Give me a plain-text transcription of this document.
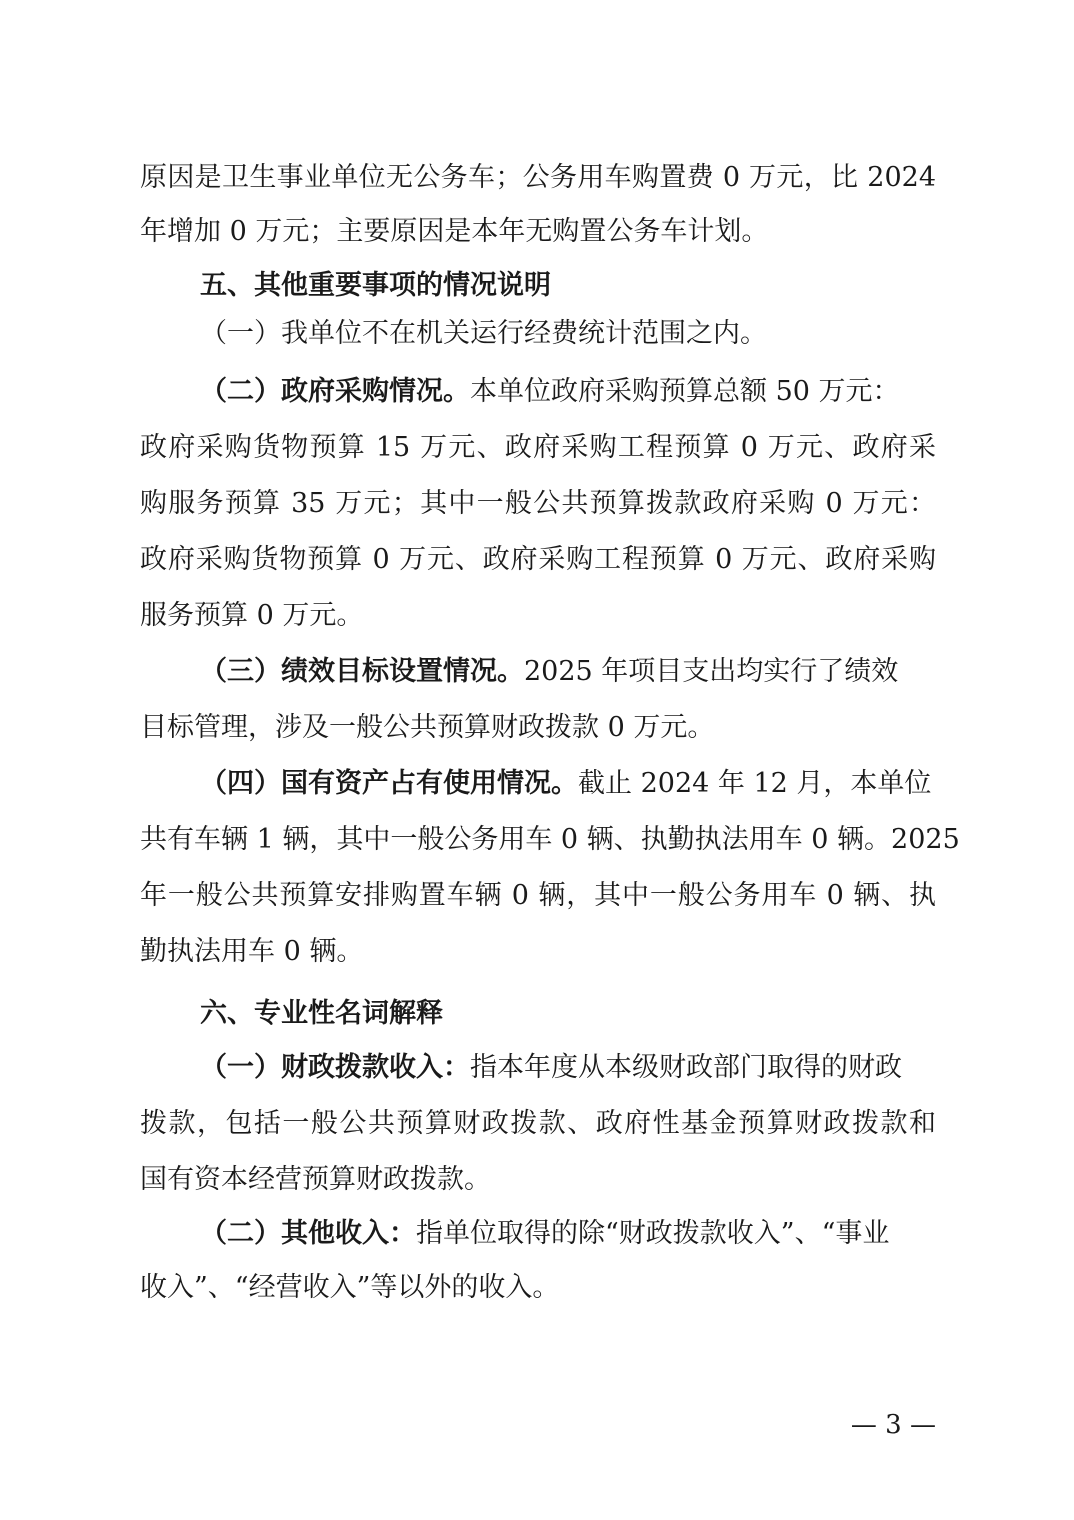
原因是卫生事业单位无公务车；公务用车购置费 0 万元，比 2024
年增加 0 万元；主要原因是本年无购置公务车计划。
五、其他重要事项的情况说明
（一）我单位不在机关运行经费统计范围之内。
（二）政府采购情况。本单位政府采购预算总额 50 万元：
政府采购货物预算 15 万元、政府采购工程预算 0 万元、政府采
购服务预算 35 万元；其中一般公共预算拨款政府采购 0 万元：
政府采购货物预算 0 万元、政府采购工程预算 0 万元、政府采购
服务预算 0 万元。
（三）绩效目标设置情况。2025 年项目支出均实行了绩效
目标管理，涉及一般公共预算财政拨款 0 万元。
（四）国有资产占有使用情况。截止 2024 年 12 月，本单位
共有车辆 1 辆，其中一般公务用车 0 辆、执勤执法用车 0 辆。2025
年一般公共预算安排购置车辆 0 辆，其中一般公务用车 0 辆、执
勤执法用车 0 辆。
六、专业性名词解释
（一）财政拨款收入：指本年度从本级财政部门取得的财政
拨款，包括一般公共预算财政拨款、政府性基金预算财政拨款和
国有资本经营预算财政拨款。
（二）其他收入：指单位取得的除“财政拨款收入”、“事业
收入”、“经营收入”等以外的收入。
— 3 —
